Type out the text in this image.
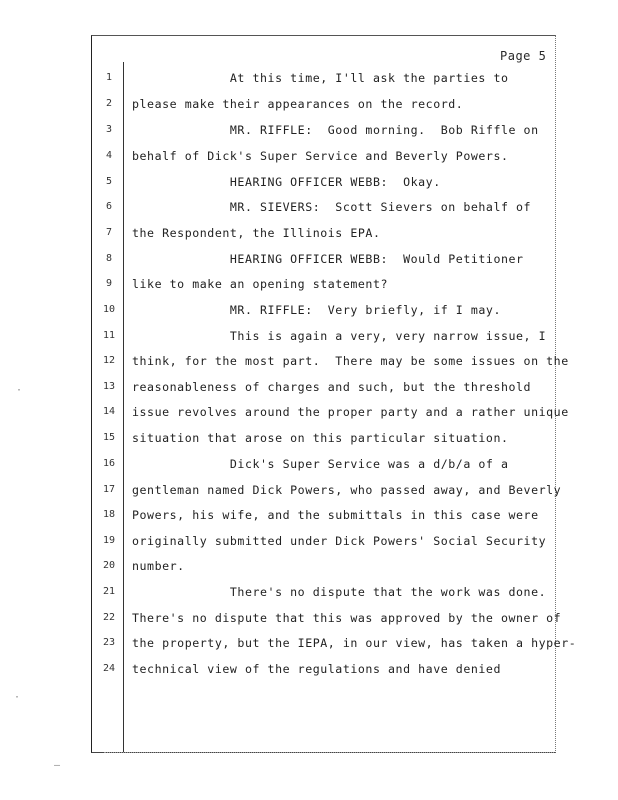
Page 5
1
2
3
4
5
6
7
8
9
10
11
12
13
14
15
16
17
18
19
20
21
22
23
24
At this time, I'll ask the parties to
please make their appearances on the record.
MR. RIFFLE:  Good morning.  Bob Riffle on
behalf of Dick's Super Service and Beverly Powers.
HEARING OFFICER WEBB:  Okay.
MR. SIEVERS:  Scott Sievers on behalf of
the Respondent, the Illinois EPA.
HEARING OFFICER WEBB:  Would Petitioner
like to make an opening statement?
MR. RIFFLE:  Very briefly, if I may.
This is again a very, very narrow issue, I
think, for the most part.  There may be some issues on the
reasonableness of charges and such, but the threshold
issue revolves around the proper party and a rather unique
situation that arose on this particular situation.
Dick's Super Service was a d/b/a of a
gentleman named Dick Powers, who passed away, and Beverly
Powers, his wife, and the submittals in this case were
originally submitted under Dick Powers' Social Security
number.
There's no dispute that the work was done.
There's no dispute that this was approved by the owner of
the property, but the IEPA, in our view, has taken a hyper-
technical view of the regulations and have denied
·
·
–
